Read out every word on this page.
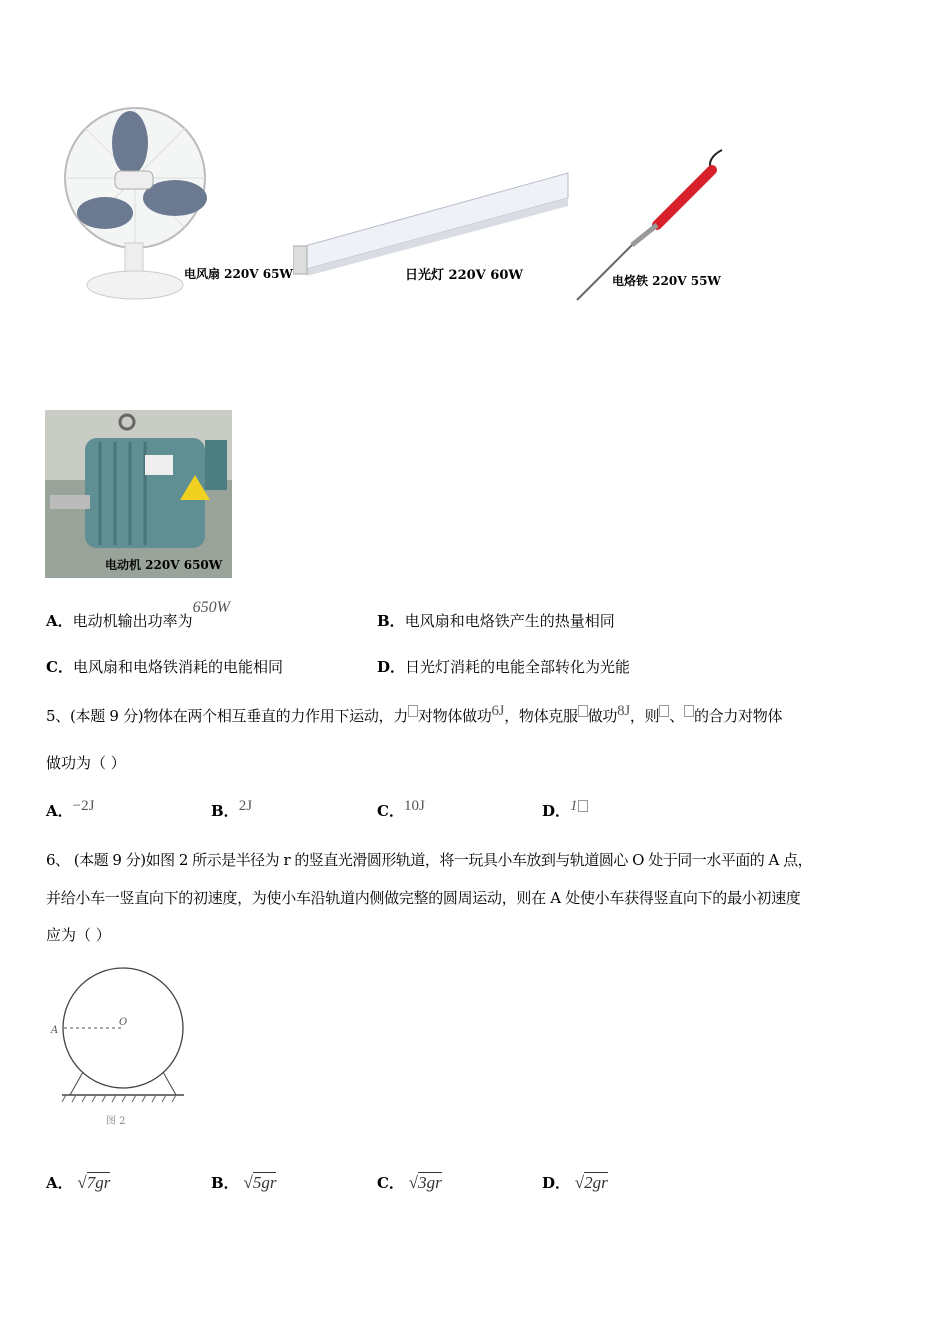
电风扇 220V 65W	日光灯 220V 60W	电烙铁 220V 55W
电动机 220V 650W
A．电动机输出功率为650W
B．电风扇和电烙铁产生的热量相同
C．电风扇和电烙铁消耗的电能相同	D．日光灯消耗的电能全部转化为光能
5、(本题 9 分)物体在两个相互垂直的力作用下运动，力 对物体做功$^{6J}$，物体克服 做功$^{8J}$，则 、 的合力对物体
做功为（ ）
A．$^{-2J}$	B．$^{2J}$	C．$^{10J}$	D．$^1$
6、 (本题 9 分)如图 2 所示是半径为 r 的竖直光滑圆形轨道，将一玩具小车放到与轨道圆心 O 处于同一水平面的 A 点，
并给小车一竖直向下的初速度，为使小车沿轨道内侧做完整的圆周运动，则在 A 处使小车获得竖直向下的最小初速度
应为（ ）
A
O
图 2
A． √7gr	B． √5gr	C． √3gr	D． √2gr
